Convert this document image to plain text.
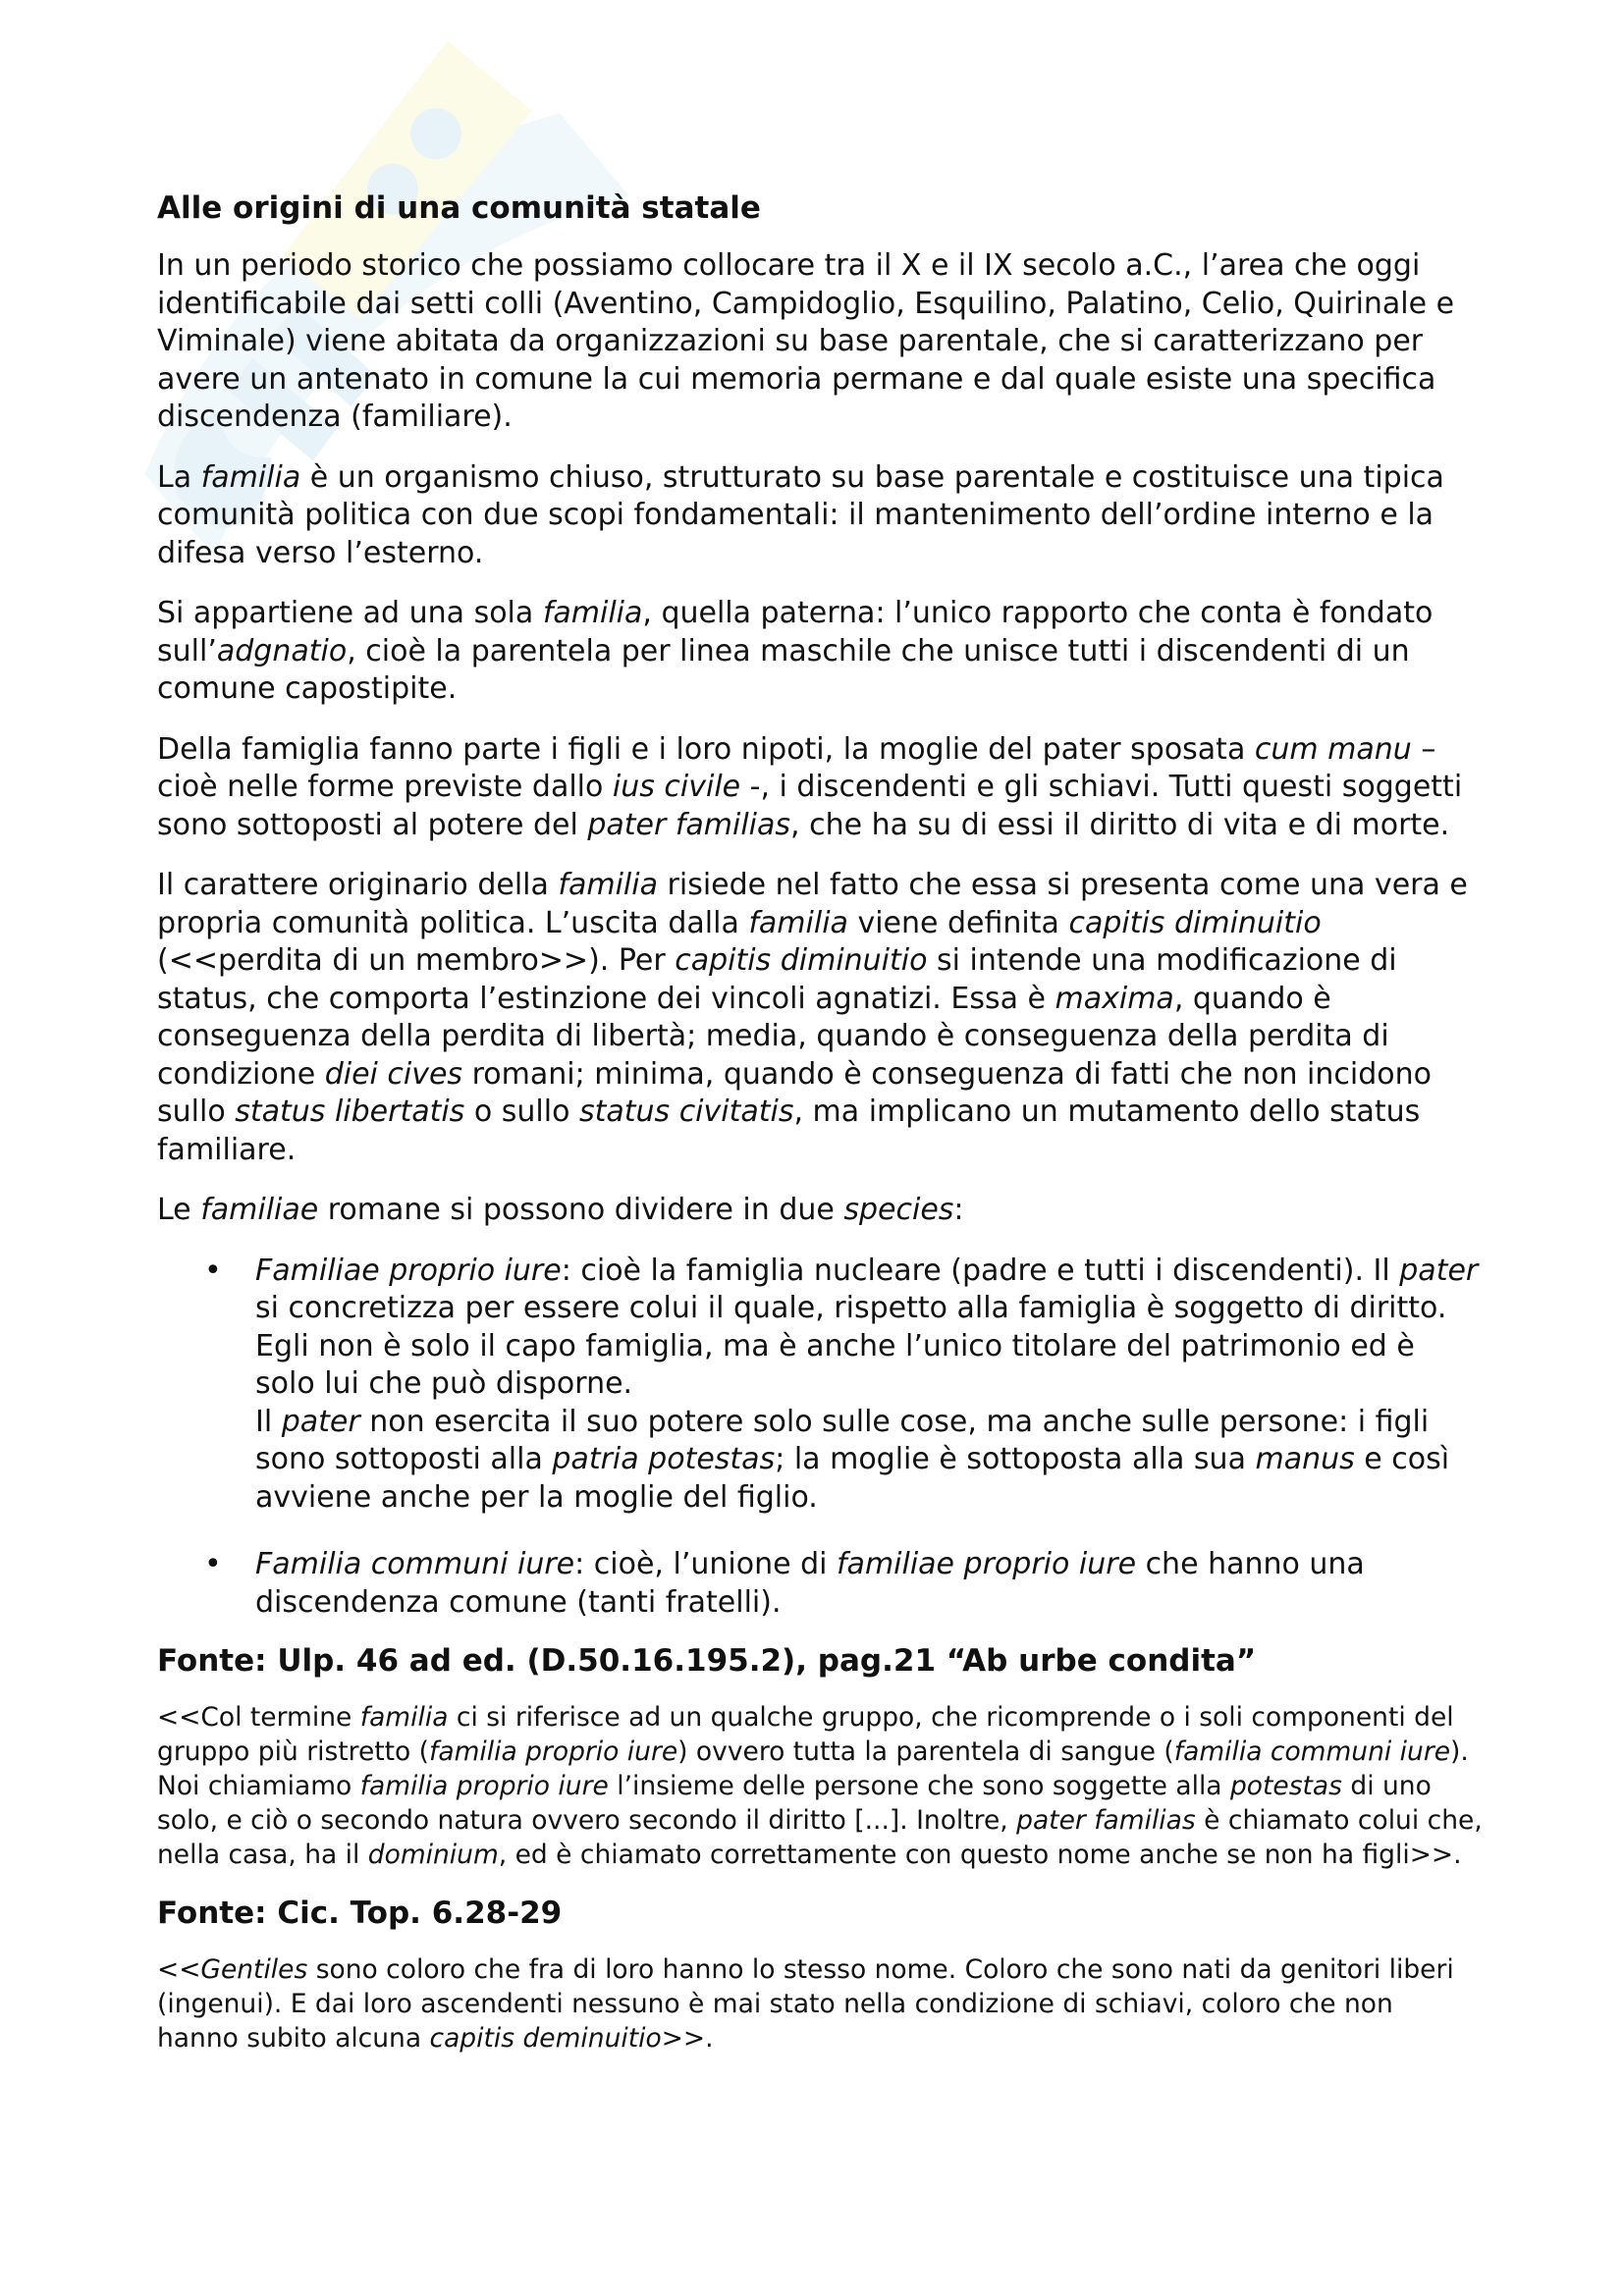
Alle origini di una comunità statale

In un periodo storico che possiamo collocare tra il X e il IX secolo a.C., l’area che oggi identificabile dai setti colli (Aventino, Campidoglio, Esquilino, Palatino, Celio, Quirinale e Viminale) viene abitata da organizzazioni su base parentale, che si caratterizzano per avere un antenato in comune la cui memoria permane e dal quale esiste una specifica discendenza (familiare).

La familia è un organismo chiuso, strutturato su base parentale e costituisce una tipica comunità politica con due scopi fondamentali: il mantenimento dell’ordine interno e la difesa verso l’esterno.

Si appartiene ad una sola familia, quella paterna: l’unico rapporto che conta è fondato sull’adgnatio, cioè la parentela per linea maschile che unisce tutti i discendenti di un comune capostipite.

Della famiglia fanno parte i figli e i loro nipoti, la moglie del pater sposata cum manu – cioè nelle forme previste dallo ius civile -, i discendenti e gli schiavi. Tutti questi soggetti sono sottoposti al potere del pater familias, che ha su di essi il diritto di vita e di morte.

Il carattere originario della familia risiede nel fatto che essa si presenta come una vera e propria comunità politica. L’uscita dalla familia viene definita capitis diminuitio (<<perdita di un membro>>). Per capitis diminuitio si intende una modificazione di status, che comporta l’estinzione dei vincoli agnatizi. Essa è maxima, quando è conseguenza della perdita di libertà; media, quando è conseguenza della perdita di condizione diei cives romani; minima, quando è conseguenza di fatti che non incidono sullo status libertatis o sullo status civitatis, ma implicano un mutamento dello status familiare.

Le familiae romane si possono dividere in due species:

• Familiae proprio iure: cioè la famiglia nucleare (padre e tutti i discendenti). Il pater si concretizza per essere colui il quale, rispetto alla famiglia è soggetto di diritto. Egli non è solo il capo famiglia, ma è anche l’unico titolare del patrimonio ed è solo lui che può disporne.
Il pater non esercita il suo potere solo sulle cose, ma anche sulle persone: i figli sono sottoposti alla patria potestas; la moglie è sottoposta alla sua manus e così avviene anche per la moglie del figlio.
• Familia communi iure: cioè, l’unione di familiae proprio iure che hanno una discendenza comune (tanti fratelli).
Fonte: Ulp. 46 ad ed. (D.50.16.195.2), pag.21 “Ab urbe condita”

<<Col termine familia ci si riferisce ad un qualche gruppo, che ricomprende o i soli componenti del gruppo più ristretto (familia proprio iure) ovvero tutta la parentela di sangue (familia communi iure). Noi chiamiamo familia proprio iure l’insieme delle persone che sono soggette alla potestas di uno solo, e ciò o secondo natura ovvero secondo il diritto [...]. Inoltre, pater familias è chiamato colui che, nella casa, ha il dominium, ed è chiamato correttamente con questo nome anche se non ha figli>>.

Fonte: Cic. Top. 6.28-29

<<Gentiles sono coloro che fra di loro hanno lo stesso nome. Coloro che sono nati da genitori liberi (ingenui). E dai loro ascendenti nessuno è mai stato nella condizione di schiavi, coloro che non hanno subito alcuna capitis deminuitio>>.
